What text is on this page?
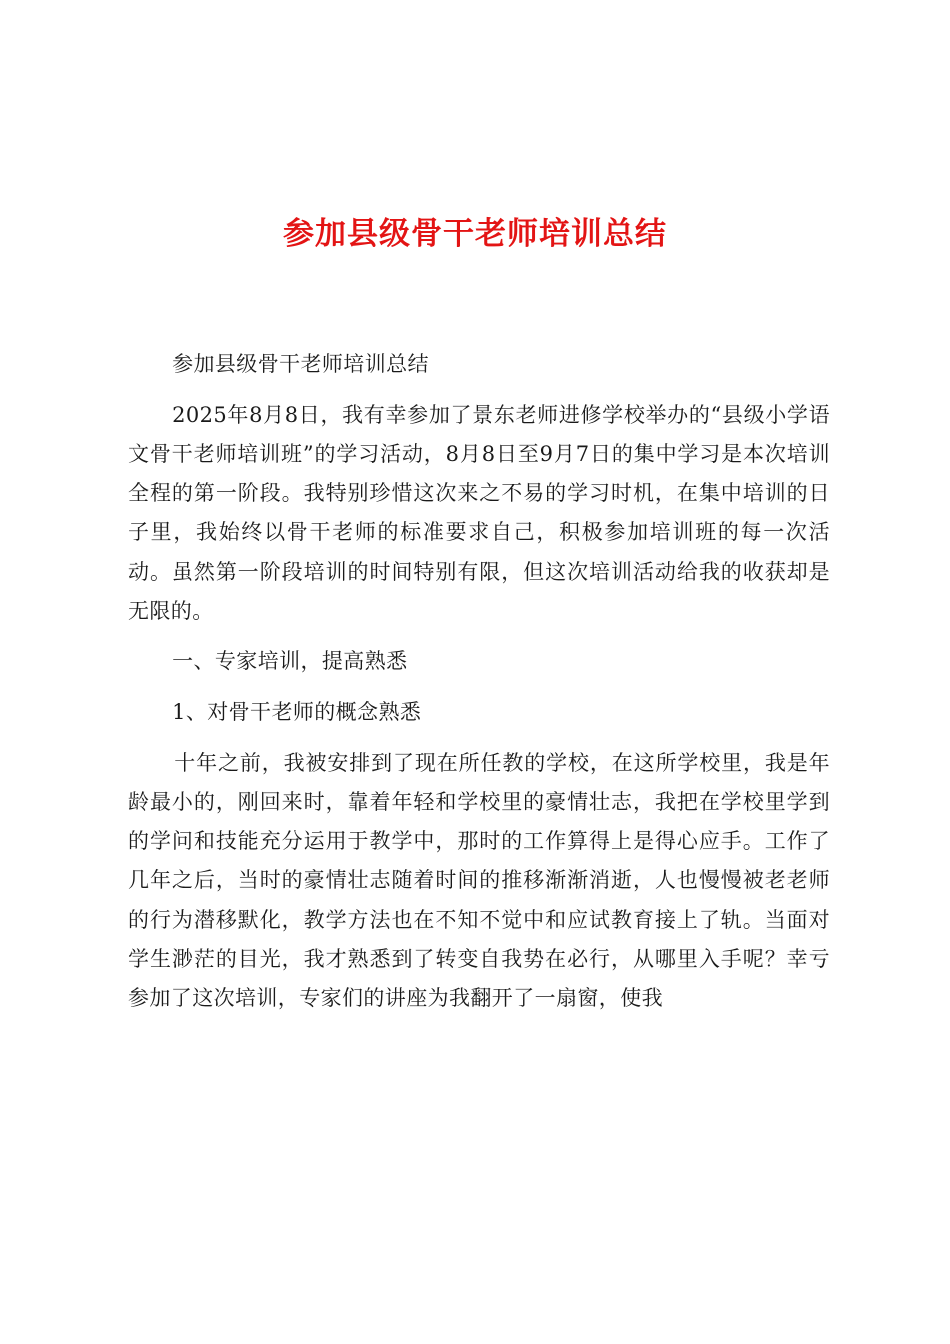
参加县级骨干老师培训总结

参加县级骨干老师培训总结

2025年8月8日，我有幸参加了景东老师进修学校举办的“县级小学语文骨干老师培训班”的学习活动，8月8日至9月7日的集中学习是本次培训全程的第一阶段。我特别珍惜这次来之不易的学习时机，在集中培训的日子里，我始终以骨干老师的标准要求自己，积极参加培训班的每一次活动。虽然第一阶段培训的时间特别有限，但这次培训活动给我的收获却是无限的。

一、专家培训，提高熟悉

1、对骨干老师的概念熟悉

十年之前，我被安排到了现在所任教的学校，在这所学校里，我是年龄最小的，刚回来时，靠着年轻和学校里的豪情壮志，我把在学校里学到的学问和技能充分运用于教学中，那时的工作算得上是得心应手。工作了几年之后，当时的豪情壮志随着时间的推移渐渐消逝，人也慢慢被老老师的行为潜移默化，教学方法也在不知不觉中和应试教育接上了轨。当面对学生渺茫的目光，我才熟悉到了转变自我势在必行，从哪里入手呢？幸亏参加了这次培训，专家们的讲座为我翻开了一扇窗，使我
